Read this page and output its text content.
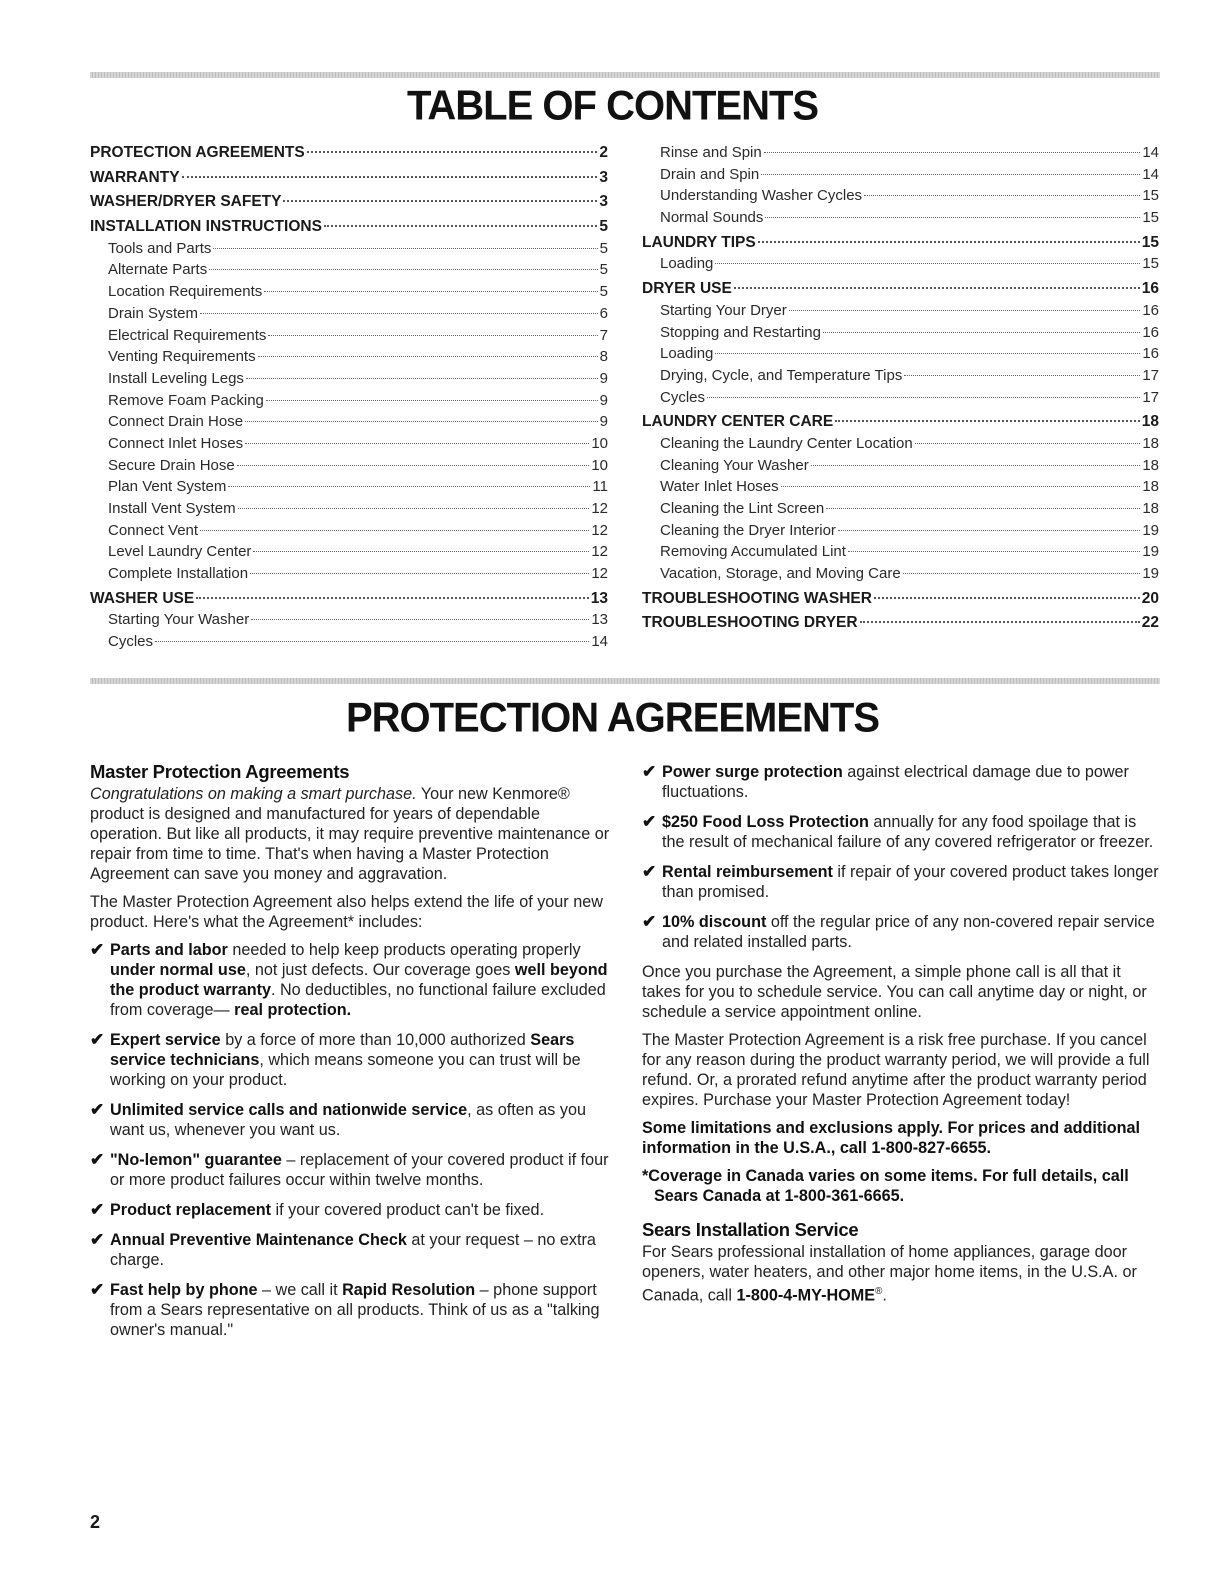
TABLE OF CONTENTS
PROTECTION AGREEMENTS	2
WARRANTY	3
WASHER/DRYER SAFETY	3
INSTALLATION INSTRUCTIONS	5
Tools and Parts	5
Alternate Parts	5
Location Requirements	5
Drain System	6
Electrical Requirements	7
Venting Requirements	8
Install Leveling Legs	9
Remove Foam Packing	9
Connect Drain Hose	9
Connect Inlet Hoses	10
Secure Drain Hose	10
Plan Vent System	11
Install Vent System	12
Connect Vent	12
Level Laundry Center	12
Complete Installation	12
WASHER USE	13
Starting Your Washer	13
Cycles	14
Rinse and Spin	14
Drain and Spin	14
Understanding Washer Cycles	15
Normal Sounds	15
LAUNDRY TIPS	15
Loading	15
DRYER USE	16
Starting Your Dryer	16
Stopping and Restarting	16
Loading	16
Drying, Cycle, and Temperature Tips	17
Cycles	17
LAUNDRY CENTER CARE	18
Cleaning the Laundry Center Location	18
Cleaning Your Washer	18
Water Inlet Hoses	18
Cleaning the Lint Screen	18
Cleaning the Dryer Interior	19
Removing Accumulated Lint	19
Vacation, Storage, and Moving Care	19
TROUBLESHOOTING WASHER	20
TROUBLESHOOTING DRYER	22
PROTECTION AGREEMENTS
Master Protection Agreements
Congratulations on making a smart purchase. Your new Kenmore® product is designed and manufactured for years of dependable operation. But like all products, it may require preventive maintenance or repair from time to time. That's when having a Master Protection Agreement can save you money and aggravation.
The Master Protection Agreement also helps extend the life of your new product. Here's what the Agreement* includes:
✔ Parts and labor needed to help keep products operating properly under normal use, not just defects. Our coverage goes well beyond the product warranty. No deductibles, no functional failure excluded from coverage— real protection.
✔ Expert service by a force of more than 10,000 authorized Sears service technicians, which means someone you can trust will be working on your product.
✔ Unlimited service calls and nationwide service, as often as you want us, whenever you want us.
✔ "No-lemon" guarantee – replacement of your covered product if four or more product failures occur within twelve months.
✔ Product replacement if your covered product can't be fixed.
✔ Annual Preventive Maintenance Check at your request – no extra charge.
✔ Fast help by phone – we call it Rapid Resolution – phone support from a Sears representative on all products. Think of us as a "talking owner's manual."
✔ Power surge protection against electrical damage due to power fluctuations.
✔ $250 Food Loss Protection annually for any food spoilage that is the result of mechanical failure of any covered refrigerator or freezer.
✔ Rental reimbursement if repair of your covered product takes longer than promised.
✔ 10% discount off the regular price of any non-covered repair service and related installed parts.
Once you purchase the Agreement, a simple phone call is all that it takes for you to schedule service. You can call anytime day or night, or schedule a service appointment online.
The Master Protection Agreement is a risk free purchase. If you cancel for any reason during the product warranty period, we will provide a full refund. Or, a prorated refund anytime after the product warranty period expires. Purchase your Master Protection Agreement today!
Some limitations and exclusions apply. For prices and additional information in the U.S.A., call 1-800-827-6655.
*Coverage in Canada varies on some items. For full details, call Sears Canada at 1-800-361-6665.
Sears Installation Service
For Sears professional installation of home appliances, garage door openers, water heaters, and other major home items, in the U.S.A. or Canada, call 1-800-4-MY-HOME®.
2
